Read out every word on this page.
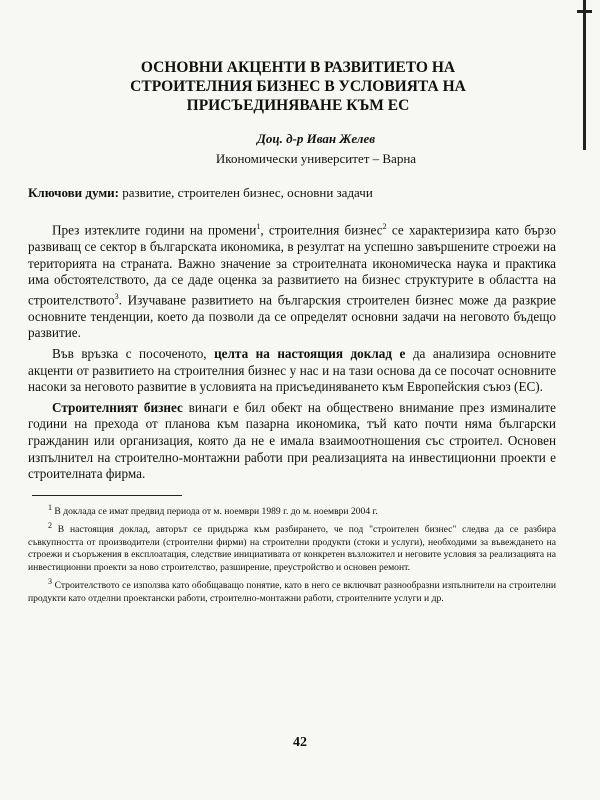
ОСНОВНИ АКЦЕНТИ В РАЗВИТИЕТО НА
СТРОИТЕЛНИЯ БИЗНЕС В УСЛОВИЯТА НА
ПРИСЪЕДИНЯВАНЕ КЪМ ЕС

Доц. д-р Иван Желев

Икономически университет – Варна

Ключови думи: развитие, строителен бизнес, основни задачи

През изтеклите години на промени$^1$, строителния бизнес$^2$ се характеризира като бързо развиващ се сектор в българската икономика, в резултат на успешно завършените строежи на територията на страната. Важно значение за строителната икономическа наука и практика има обстоятелството, да се даде оценка за развитието на бизнес структурите в областта на строителството$^3$. Изучаване развитието на българския строителен бизнес може да разкрие основните тенденции, което да позволи да се определят основни задачи на неговото бъдещо развитие.

Във връзка с посоченото, целта на настоящия доклад е да анализира основните акценти от развитието на строителния бизнес у нас и на тази основа да се посочат основните насоки за неговото развитие в условията на присъединяването към Европейския съюз (ЕС).

Строителният бизнес винаги е бил обект на обществено внимание през изминалите години на прехода от планова към пазарна икономика, тъй като почти няма български гражданин или организация, която да не е имала взаимоотношения със строител. Основен изпълнител на строително-монтажни работи при реализацията на инвестиционни проекти е строителната фирма.

$^1$ В доклада се имат предвид периода от м. ноември 1989 г. до м. ноември 2004 г.

$^2$ В настоящия доклад, авторът се придържа към разбирането, че под "строителен бизнес" следва да се разбира съвкупността от производители (строителни фирми) на строителни продукти (стоки и услуги), необходими за въвеждането на строежи и съоръжения в експлоатация, следствие инициативата от конкретен възложител и неговите условия за реализацията на инвестиционни проекти за ново строителство, разширение, преустройство и основен ремонт.

$^3$ Строителството се използва като обобщаващо понятие, като в него се включват разнообразни изпълнители на строителни продукти като отделни проектански работи, строително-монтажни работи, строителните услуги и др.

42
